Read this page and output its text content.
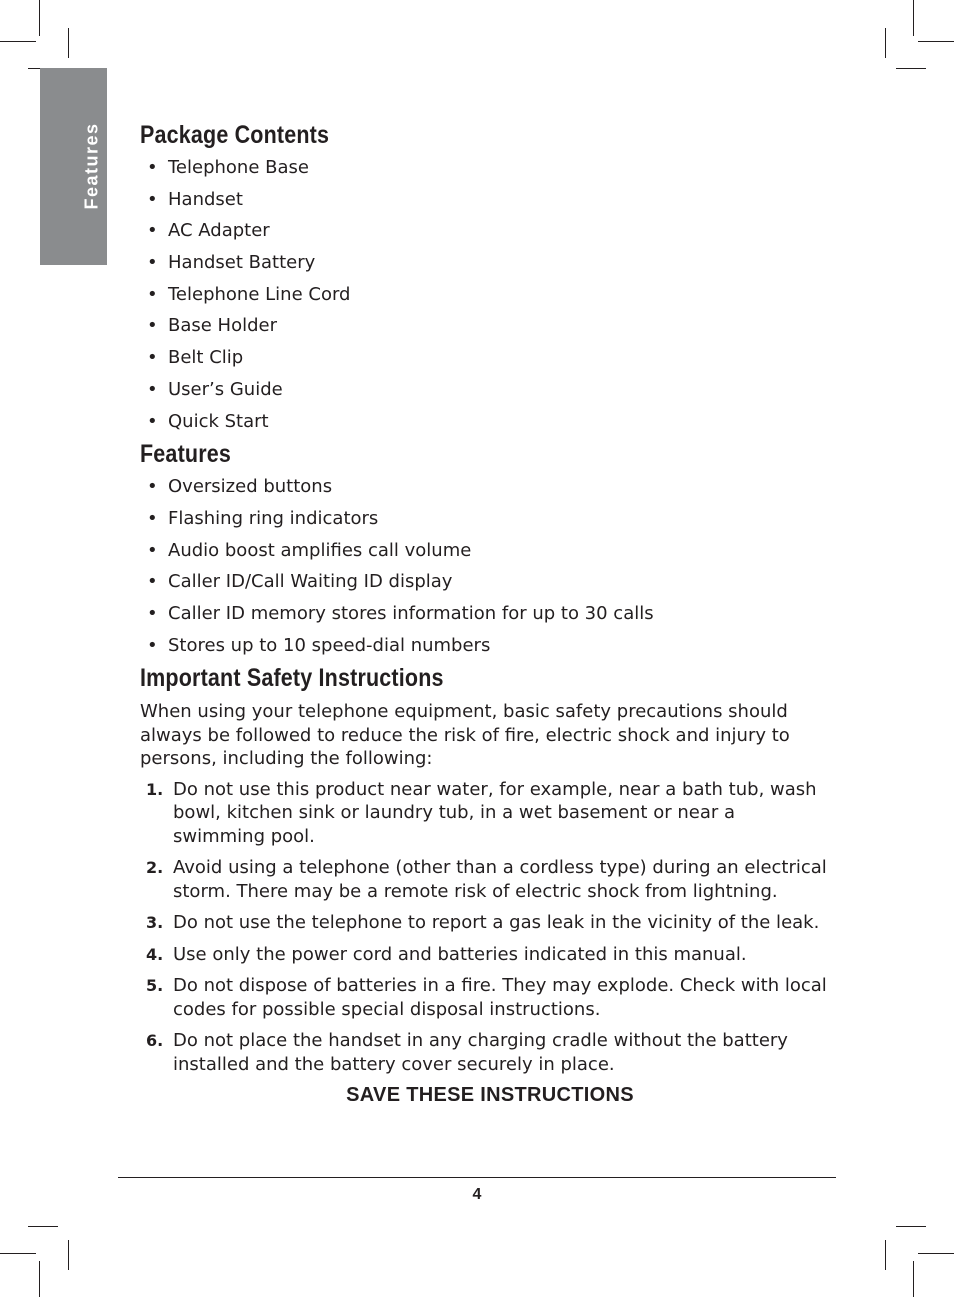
Features Package Contents
• Telephone Base
• Handset
• AC Adapter
• Handset Battery
• Telephone Line Cord
• Base Holder
• Belt Clip
• User’s Guide
• Quick Start
Features
• Oversized buttons
• Flashing ring indicators
• Audio boost amplifies call volume
• Caller ID/Call Waiting ID display
• Caller ID memory stores information for up to 30 calls
• Stores up to 10 speed-dial numbers
Important Safety Instructions

When using your telephone equipment, basic safety precautions should always be followed to reduce the risk of fire, electric shock and injury to persons, including the following:

1. Do not use this product near water, for example, near a bath tub, wash bowl, kitchen sink or laundry tub, in a wet basement or near a swimming pool.
2. Avoid using a telephone (other than a cordless type) during an electrical storm. There may be a remote risk of electric shock from lightning.
3. Do not use the telephone to report a gas leak in the vicinity of the leak.
4. Use only the power cord and batteries indicated in this manual.
5. Do not dispose of batteries in a fire. They may explode. Check with local codes for possible special disposal instructions.
6. Do not place the handset in any charging cradle without the battery installed and the battery cover securely in place.
SAVE THESE INSTRUCTIONS
4
